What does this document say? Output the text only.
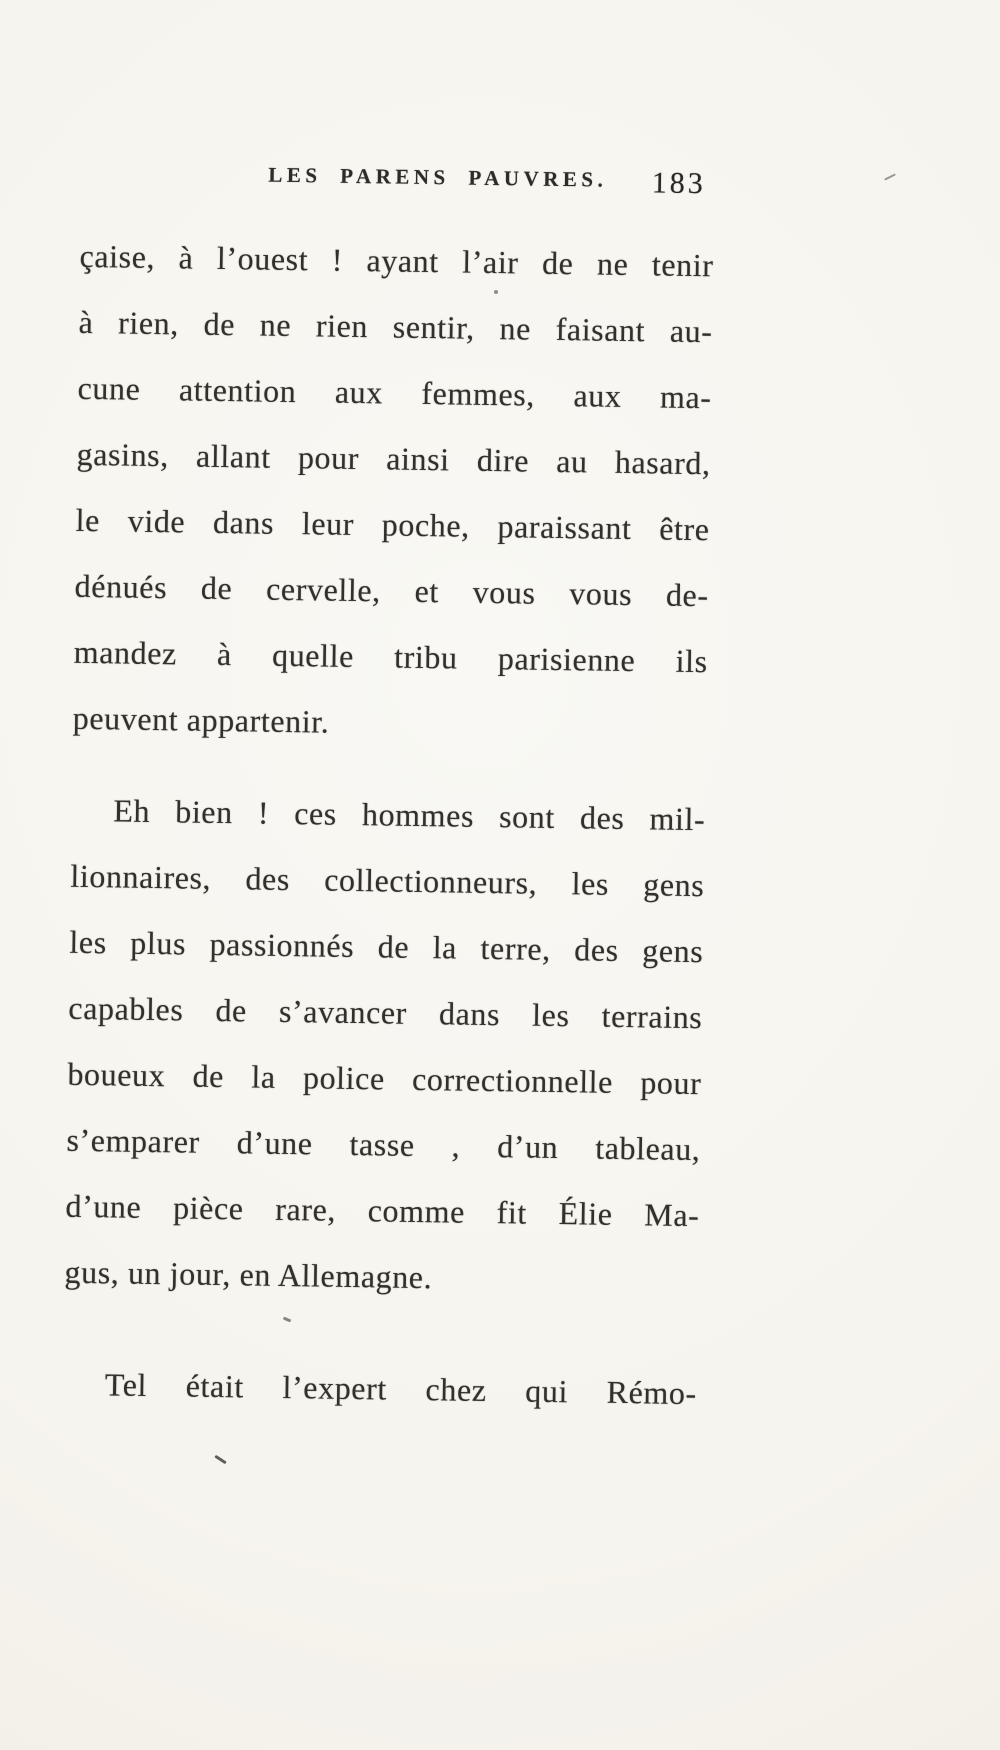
LES PARENS PAUVRES.	183
çaise, à l’ouest ! ayant l’air de ne tenir
à rien, de ne rien sentir, ne faisant au-
cune attention aux femmes, aux ma-
gasins, allant pour ainsi dire au hasard,
le vide dans leur poche, paraissant être
dénués de cervelle, et vous vous de-
mandez à quelle tribu parisienne ils
peuvent appartenir.
Eh bien ! ces hommes sont des mil-
lionnaires, des collectionneurs, les gens
les plus passionnés de la terre, des gens
capables de s’avancer dans les terrains
boueux de la police correctionnelle pour
s’emparer d’une tasse , d’un tableau,
d’une pièce rare, comme fit Élie Ma-
gus, un jour, en Allemagne.
Tel était l’expert chez qui Rémo-
